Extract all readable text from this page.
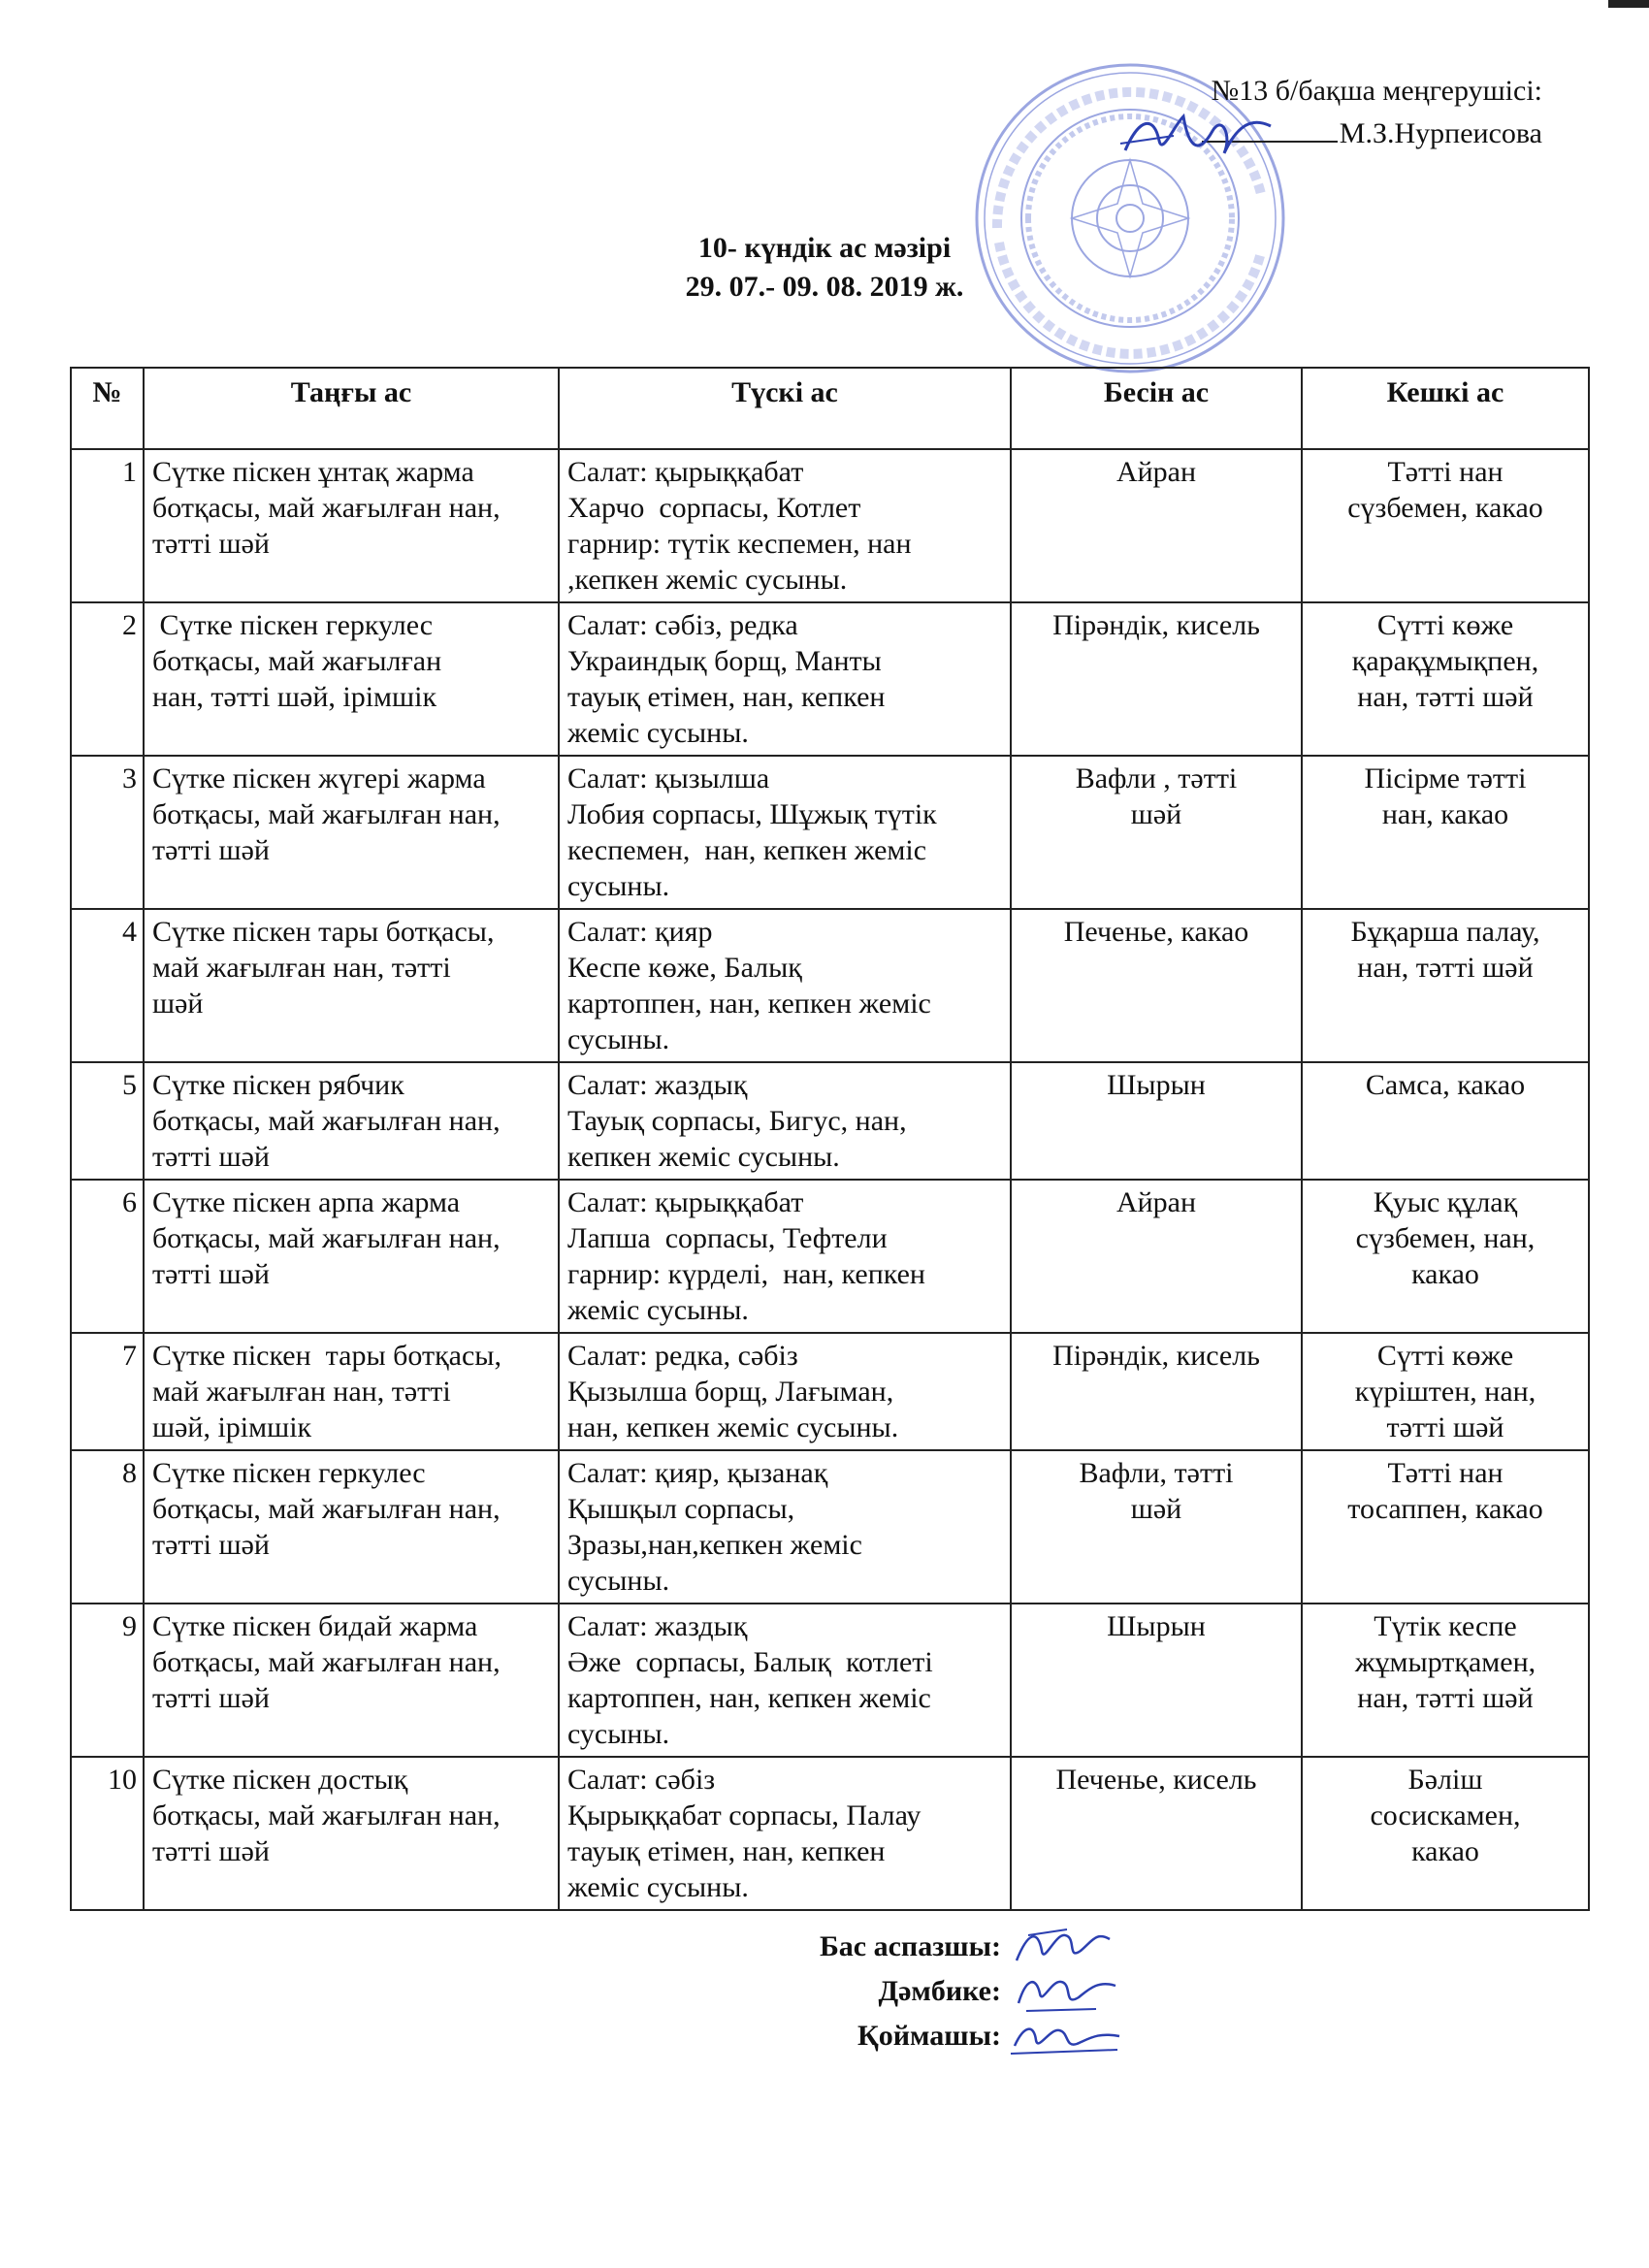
№13 б/бақша меңгерушісі:
М.З.Нурпеисова
10- күндік ас мәзірі
29. 07.- 09. 08. 2019 ж.
№	Таңғы ас	Түскі ас	Бесін ас	Кешкі ас
1	Сүтке піскен ұнтақ жарма
ботқасы, май жағылған нан,
тәтті шәй	Салат: қырыққабат
Харчо  сорпасы, Котлет
гарнир: түтік кеспемен, нан
,кепкен жеміс сусыны.	Айран	Тәтті нан
сүзбемен, какао

2	Сүтке піскен геркулес
ботқасы, май жағылған
нан, тәтті шәй, ірімшік	Салат: сәбіз, редка
Украиндық борщ, Манты
тауық етімен, нан, кепкен
жеміс сусыны.	Пірәндік, кисель	Сүтті көже
қарақұмықпен,
нан, тәтті шәй

3	Сүтке піскен жүгері жарма
ботқасы, май жағылған нан,
тәтті шәй	Салат: қызылша
Лобия сорпасы, Шұжық түтік
кеспемен,  нан, кепкен жеміс
сусыны.	Вафли , тәтті
шәй	Пісірме тәтті
нан, какао

4	Сүтке піскен тары ботқасы,
май жағылған нан, тәтті
шәй	Салат: қияр
Кеспе көже, Балық
картоппен, нан, кепкен жеміс
сусыны.	Печенье, какао	Бұқарша палау,
нан, тәтті шәй

5	Сүтке піскен рябчик
ботқасы, май жағылған нан,
тәтті шәй	Салат: жаздық
Тауық сорпасы, Бигус, нан,
кепкен жеміс сусыны.	Шырын	Самса, какао

6	Сүтке піскен арпа жарма
ботқасы, май жағылған нан,
тәтті шәй	Салат: қырыққабат
Лапша  сорпасы, Тефтели
гарнир: күрделі,  нан, кепкен
жеміс сусыны.	Айран	Қуыс құлақ
сүзбемен, нан,
какао

7	Сүтке піскен  тары ботқасы,
май жағылған нан, тәтті
шәй, ірімшік	Салат: редка, сәбіз
Қызылша борщ, Лағыман,
нан, кепкен жеміс сусыны.	Пірәндік, кисель	Сүтті көже
күріштен, нан,
тәтті шәй

8	Сүтке піскен геркулес
ботқасы, май жағылған нан,
тәтті шәй	Салат: қияр, қызанақ
Қышқыл сорпасы,
Зразы,нан,кепкен жеміс
сусыны.	Вафли, тәтті
шәй	Тәтті нан
тосаппен, какао

9	Сүтке піскен бидай жарма
ботқасы, май жағылған нан,
тәтті шәй	Салат: жаздық
Әже  сорпасы, Балық  котлеті
картоппен, нан, кепкен жеміс
сусыны.	Шырын	Түтік кеспе
жұмыртқамен,
нан, тәтті шәй

10	Сүтке піскен достық
ботқасы, май жағылған нан,
тәтті шәй	Салат: сәбіз
Қырыққабат сорпасы, Палау
тауық етімен, нан, кепкен
жеміс сусыны.	Печенье, кисель	Бәліш
сосискамен,
какао
Бас аспазшы:
Дәмбике:
Қоймашы:
